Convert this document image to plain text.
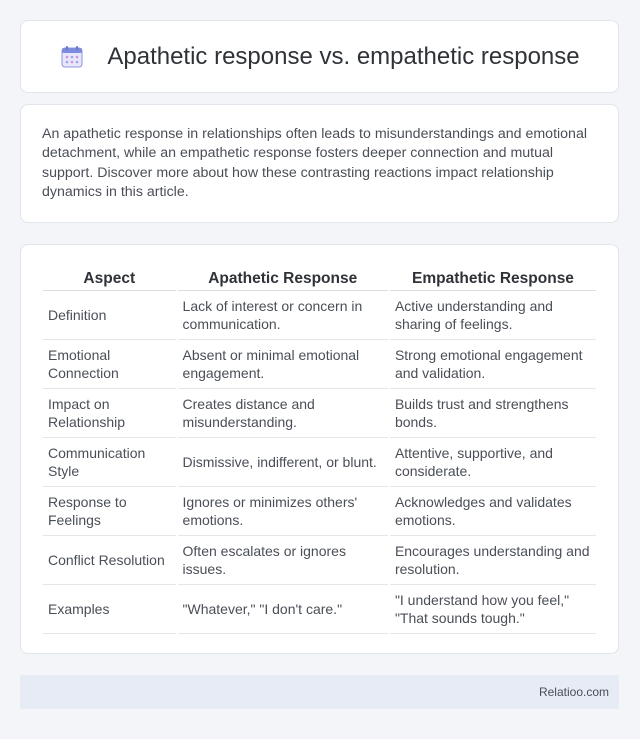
Apathetic response vs. empathetic response

An apathetic response in relationships often leads to misunderstandings and emotional detachment, while an empathetic response fosters deeper connection and mutual support. Discover more about how these contrasting reactions impact relationship dynamics in this article.

Aspect	Apathetic Response	Empathetic Response
Definition	Lack of interest or concern in communication.	Active understanding and sharing of feelings.
Emotional Connection	Absent or minimal emotional engagement.	Strong emotional engagement and validation.
Impact on Relationship	Creates distance and misunderstanding.	Builds trust and strengthens bonds.
Communication Style	Dismissive, indifferent, or blunt.	Attentive, supportive, and considerate.
Response to Feelings	Ignores or minimizes others' emotions.	Acknowledges and validates emotions.
Conflict Resolution	Often escalates or ignores issues.	Encourages understanding and resolution.
Examples	"Whatever," "I don't care."	"I understand how you feel," "That sounds tough."
Relatioo.com
